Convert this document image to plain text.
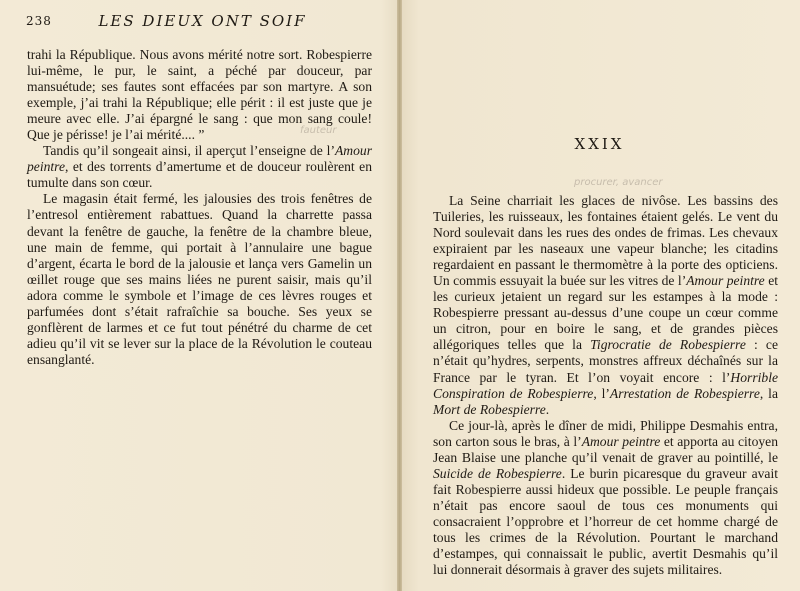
238	LES DIEUX ONT SOIF

trahi la République. Nous avons mérité notre sort. Robespierre lui-même, le pur, le saint, a péché par douceur, par mansuétude; ses fautes sont effacées par son martyre. A son exemple, j’ai trahi la République; elle périt : il est juste que je meure avec elle. J’ai épargné le sang : que mon sang coule! Que je périsse! je l’ai mérité.... ”

Tandis qu’il songeait ainsi, il aperçut l’enseigne de l’Amour peintre, et des torrents d’amertume et de douceur roulèrent en tumulte dans son cœur.

Le magasin était fermé, les jalousies des trois fenêtres de l’entresol entièrement rabattues. Quand la charrette passa devant la fenêtre de gauche, la fenêtre de la chambre bleue, une main de femme, qui portait à l’annulaire une bague d’argent, écarta le bord de la jalousie et lança vers Gamelin un œillet rouge que ses mains liées ne purent saisir, mais qu’il adora comme le symbole et l’image de ces lèvres rouges et parfumées dont s’était rafraîchie sa bouche. Ses yeux se gonflèrent de larmes et ce fut tout pénétré du charme de cet adieu qu’il vit se lever sur la place de la Révolution le couteau ensanglanté.

fauteur
XXIX
procurer, avancer

La Seine charriait les glaces de nivôse. Les bassins des Tuileries, les ruisseaux, les fontaines étaient gelés. Le vent du Nord soulevait dans les rues des ondes de frimas. Les chevaux expiraient par les naseaux une vapeur blanche; les citadins regardaient en passant le thermomètre à la porte des opticiens. Un commis essuyait la buée sur les vitres de l’Amour peintre et les curieux jetaient un regard sur les estampes à la mode : Robespierre pressant au-dessus d’une coupe un cœur comme un citron, pour en boire le sang, et de grandes pièces allégoriques telles que la Tigrocratie de Robespierre : ce n’était qu’hydres, serpents, monstres affreux déchaînés sur la France par le tyran. Et l’on voyait encore : l’Horrible Conspiration de Robespierre, l’Arrestation de Robespierre, la Mort de Robespierre.

Ce jour-là, après le dîner de midi, Philippe Desmahis entra, son carton sous le bras, à l’Amour peintre et apporta au citoyen Jean Blaise une planche qu’il venait de graver au pointillé, le Suicide de Robespierre. Le burin picaresque du graveur avait fait Robespierre aussi hideux que possible. Le peuple français n’était pas encore saoul de tous ces monuments qui consacraient l’opprobre et l’horreur de cet homme chargé de tous les crimes de la Révolution. Pourtant le marchand d’estampes, qui connaissait le public, avertit Desmahis qu’il lui donnerait désormais à graver des sujets militaires.
